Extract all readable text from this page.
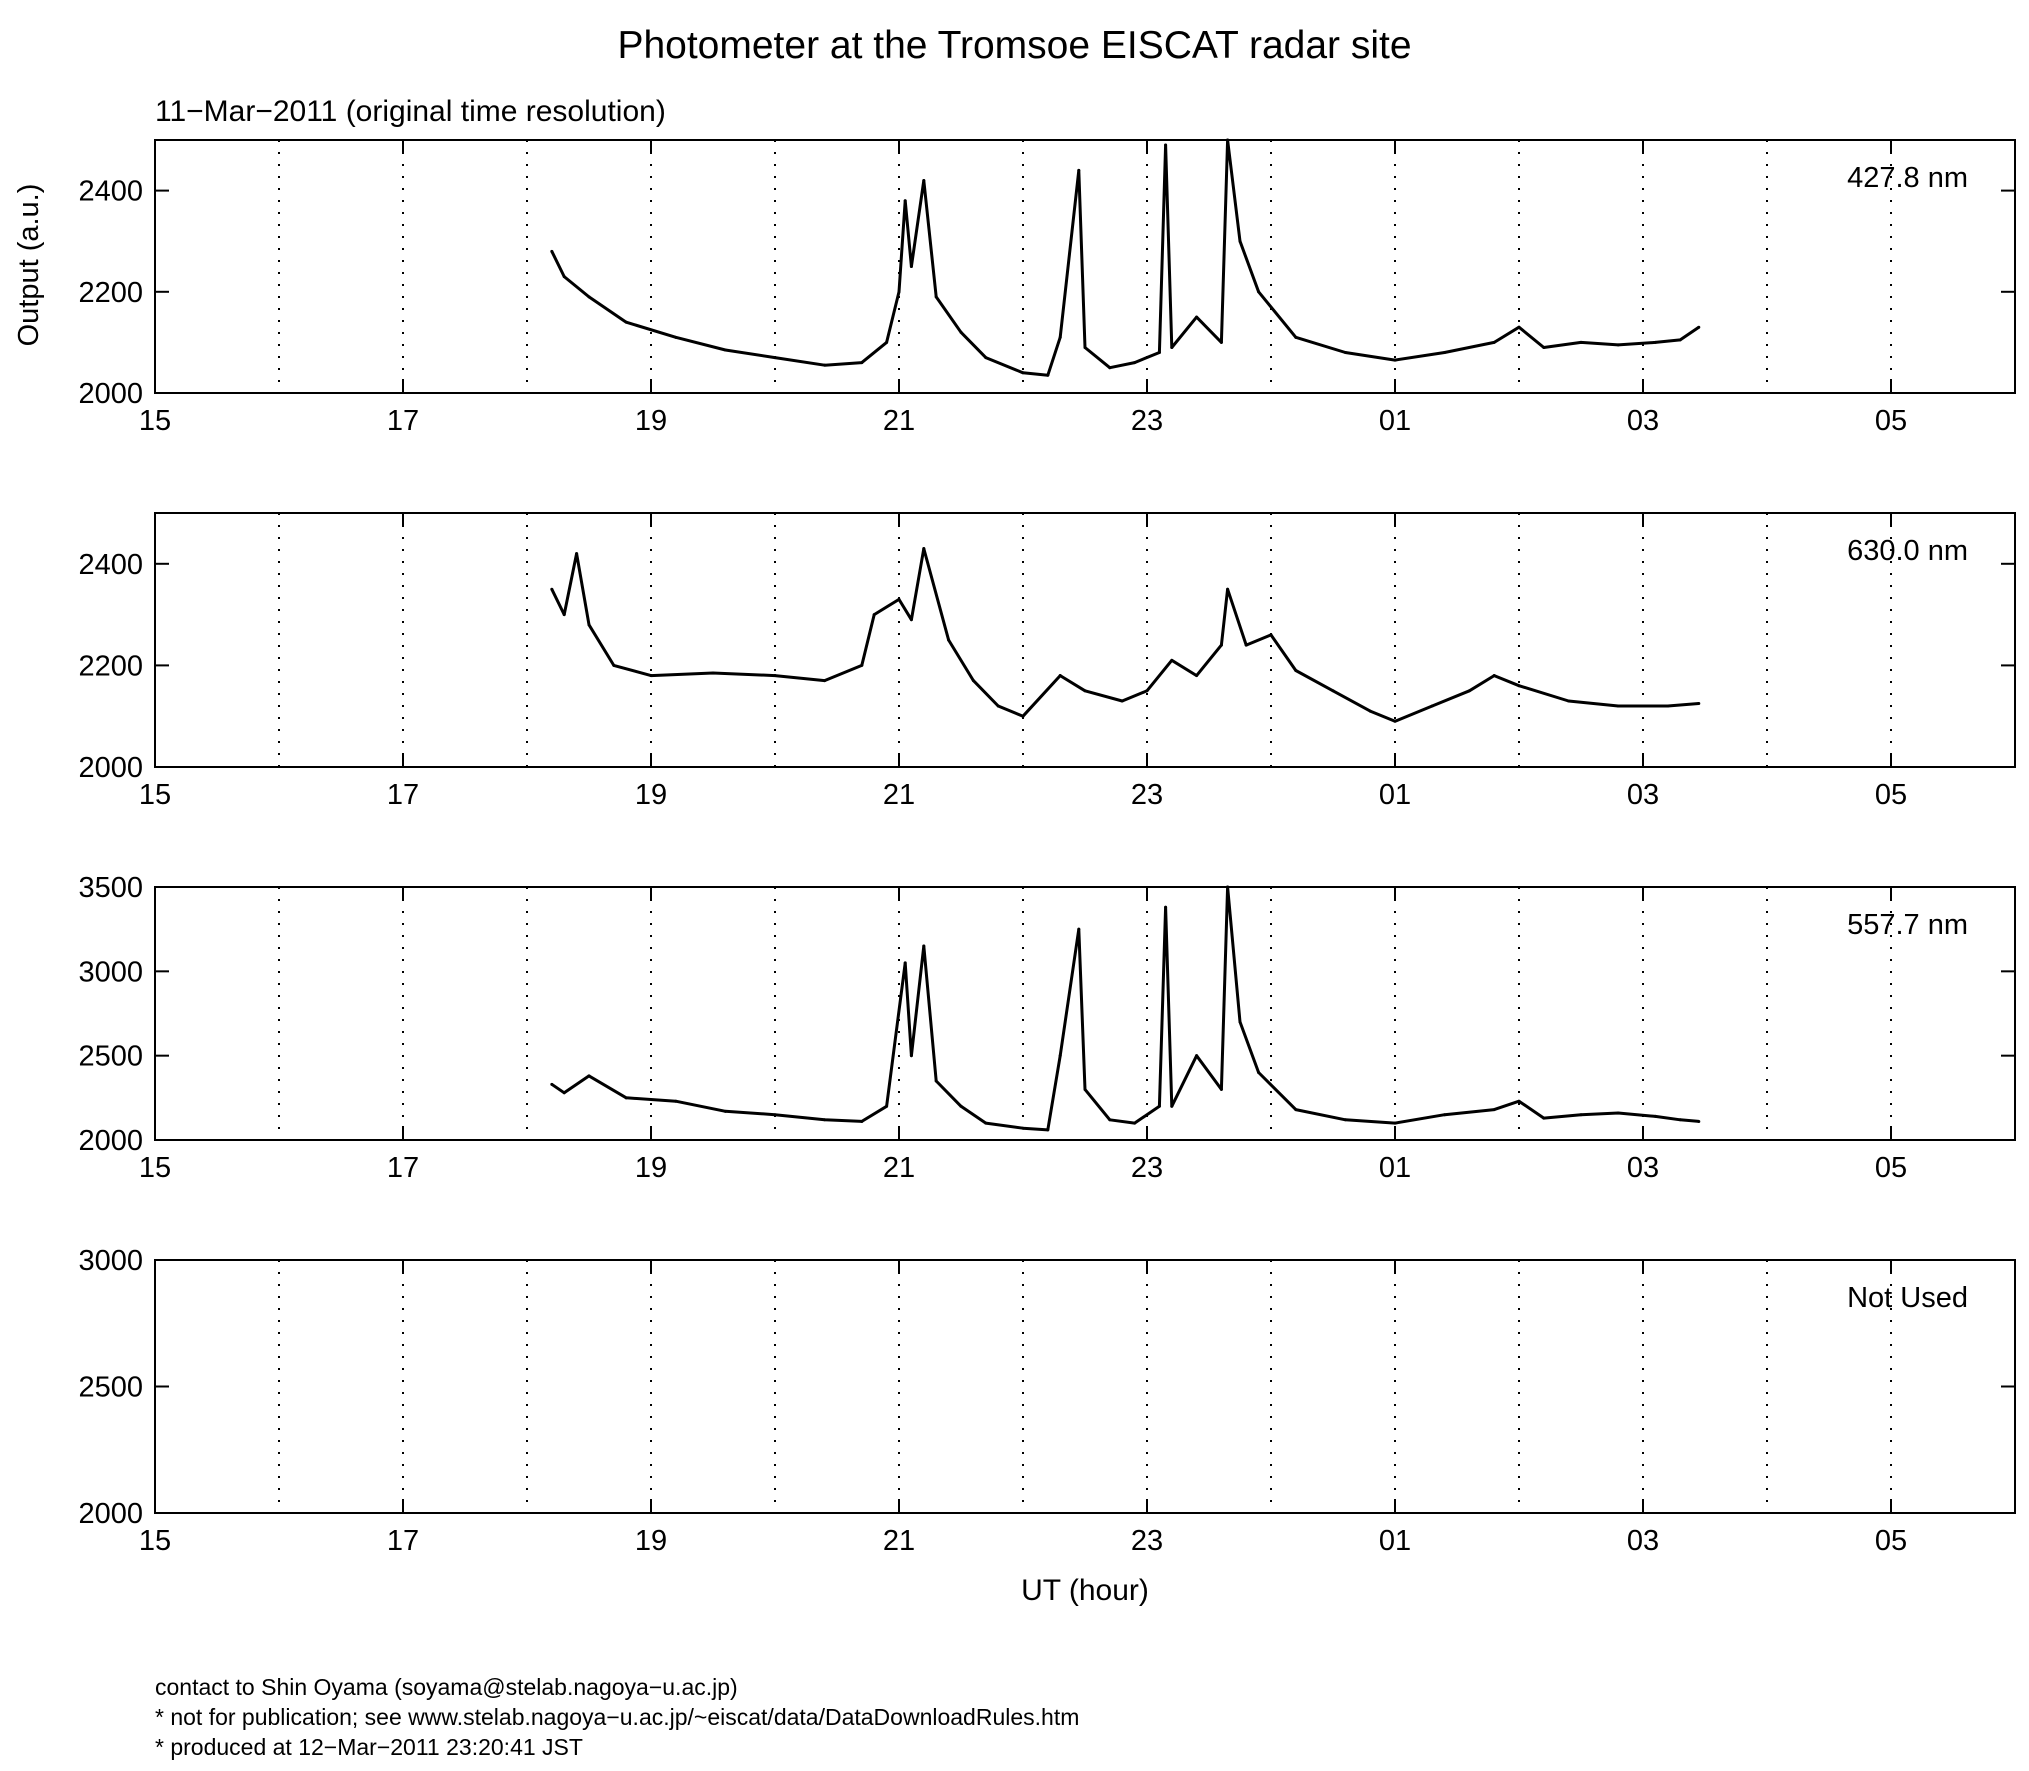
Photometer at the Tromsoe EISCAT radar site
11−Mar−2011 (original time resolution)
Output (a.u.)
UT (hour)
15	17	19	21	23	01	03	05
2000
2200
2400	427.8 nm
15	17	19	21	23	01	03	05
2000
2200
2400	630.0 nm
15	17	19	21	23	01	03	05
2000
2500
3000
3500
557.7 nm
15	17	19	21	23	01	03	05
2000
2500
3000
Not Used
contact to Shin Oyama (soyama@stelab.nagoya−u.ac.jp)
* not for publication; see www.stelab.nagoya−u.ac.jp/~eiscat/data/DataDownloadRules.htm
* produced at 12−Mar−2011 23:20:41 JST
